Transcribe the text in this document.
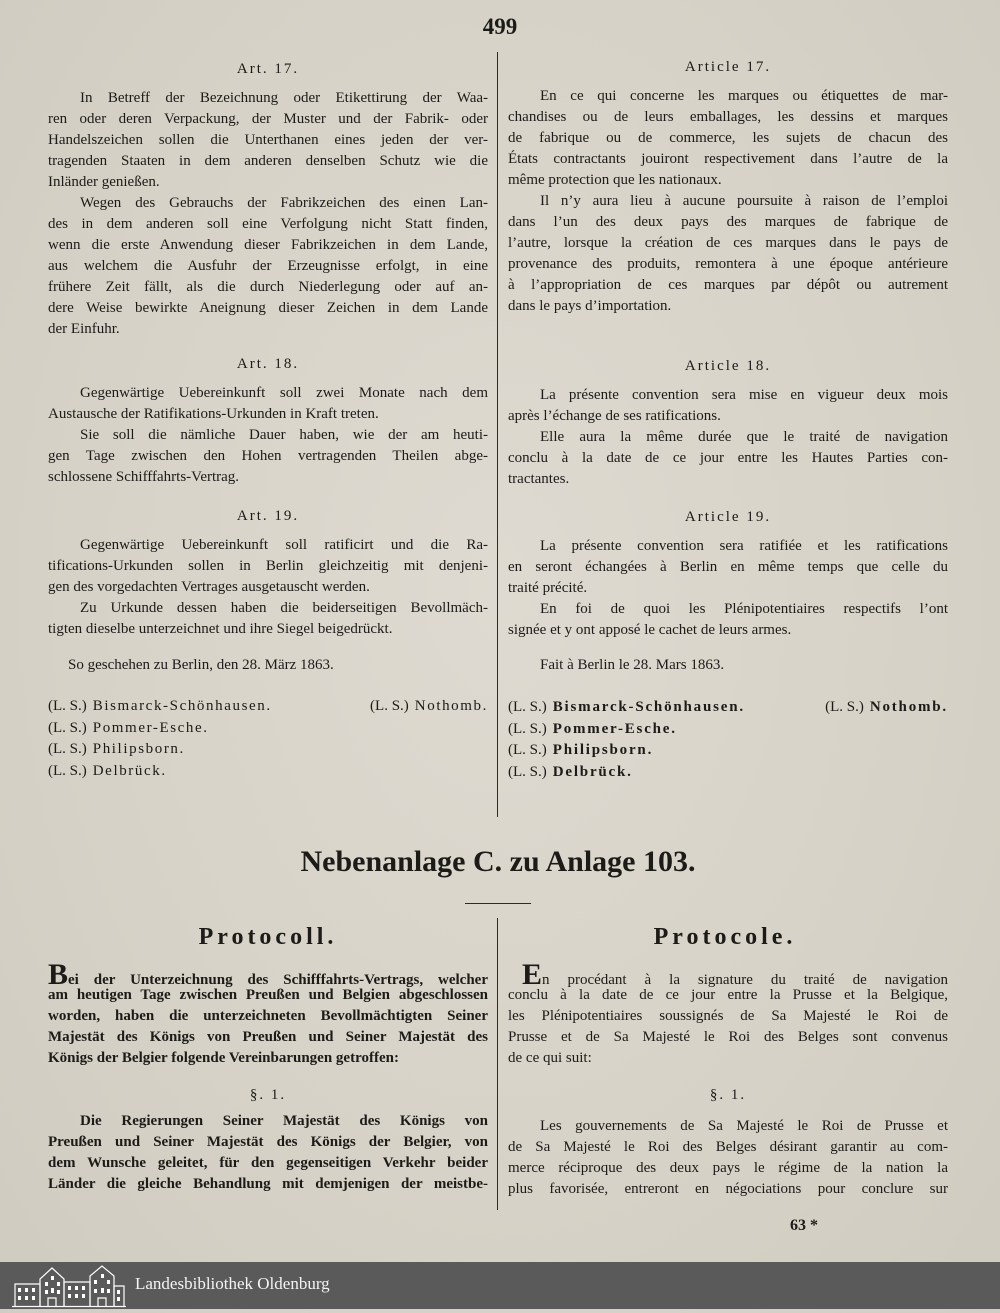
499
Art. 17.
In Betreff der Bezeichnung oder Etikettirung der Waa-
ren oder deren Verpackung, der Muster und der Fabrik- oder
Handelszeichen sollen die Unterthanen eines jeden der ver-
tragenden Staaten in dem anderen denselben Schutz wie die
Inländer genießen.
Wegen des Gebrauchs der Fabrikzeichen des einen Lan-
des in dem anderen soll eine Verfolgung nicht Statt finden,
wenn die erste Anwendung dieser Fabrikzeichen in dem Lande,
aus welchem die Ausfuhr der Erzeugnisse erfolgt, in eine
frühere Zeit fällt, als die durch Niederlegung oder auf an-
dere Weise bewirkte Aneignung dieser Zeichen in dem Lande
der Einfuhr.
Art. 18.
Gegenwärtige Uebereinkunft soll zwei Monate nach dem
Austausche der Ratifikations-Urkunden in Kraft treten.
Sie soll die nämliche Dauer haben, wie der am heuti-
gen Tage zwischen den Hohen vertragenden Theilen abge-
schlossene Schifffahrts-Vertrag.
Art. 19.
Gegenwärtige Uebereinkunft soll ratificirt und die Ra-
tifications-Urkunden sollen in Berlin gleichzeitig mit denjeni-
gen des vorgedachten Vertrages ausgetauscht werden.
Zu Urkunde dessen haben die beiderseitigen Bevollmäch-
tigten dieselbe unterzeichnet und ihre Siegel beigedrückt.
So geschehen zu Berlin, den 28. März 1863.
(L. S.) Bismarck-Schönhausen.	(L. S.) Nothomb.
(L. S.) Pommer-Esche.
(L. S.) Philipsborn.
(L. S.) Delbrück.
Article 17.
En ce qui concerne les marques ou étiquettes de mar-
chandises ou de leurs emballages, les dessins et marques
de fabrique ou de commerce, les sujets de chacun des
États contractants jouiront respectivement dans l’autre de la
même protection que les nationaux.
Il n’y aura lieu à aucune poursuite à raison de l’emploi
dans l’un des deux pays des marques de fabrique de
l’autre, lorsque la création de ces marques dans le pays de
provenance des produits, remontera à une époque antérieure
à l’appropriation de ces marques par dépôt ou autrement
dans le pays d’importation.
Article 18.
La présente convention sera mise en vigueur deux mois
après l’échange de ses ratifications.
Elle aura la même durée que le traité de navigation
conclu à la date de ce jour entre les Hautes Parties con-
tractantes.
Article 19.
La présente convention sera ratifiée et les ratifications
en seront échangées à Berlin en même temps que celle du
traité précité.
En foi de quoi les Plénipotentiaires respectifs l’ont
signée et y ont apposé le cachet de leurs armes.
Fait à Berlin le 28. Mars 1863.
(L. S.) Bismarck-Schönhausen.	(L. S.) Nothomb.
(L. S.) Pommer-Esche.
(L. S.) Philipsborn.
(L. S.) Delbrück.
Nebenanlage C. zu Anlage 103.
Protocoll.	Protocole.
Bei der Unterzeichnung des Schifffahrts-Vertrags, welcher
am heutigen Tage zwischen Preußen und Belgien abgeschlossen
worden, haben die unterzeichneten Bevollmächtigten Seiner
Majestät des Königs von Preußen und Seiner Majestät des
Königs der Belgier folgende Vereinbarungen getroffen:
§. 1.
Die Regierungen Seiner Majestät des Königs von
Preußen und Seiner Majestät des Königs der Belgier, von
dem Wunsche geleitet, für den gegenseitigen Verkehr beider
Länder die gleiche Behandlung mit demjenigen der meistbe-
En procédant à la signature du traité de navigation
conclu à la date de ce jour entre la Prusse et la Belgique,
les Plénipotentiaires soussignés de Sa Majesté le Roi de
Prusse et de Sa Majesté le Roi des Belges sont convenus
de ce qui suit:
§. 1.
Les gouvernements de Sa Majesté le Roi de Prusse et
de Sa Majesté le Roi des Belges désirant garantir au com-
merce réciproque des deux pays le régime de la nation la
plus favorisée, entreront en négociations pour conclure sur
63 *
Landesbibliothek Oldenburg
